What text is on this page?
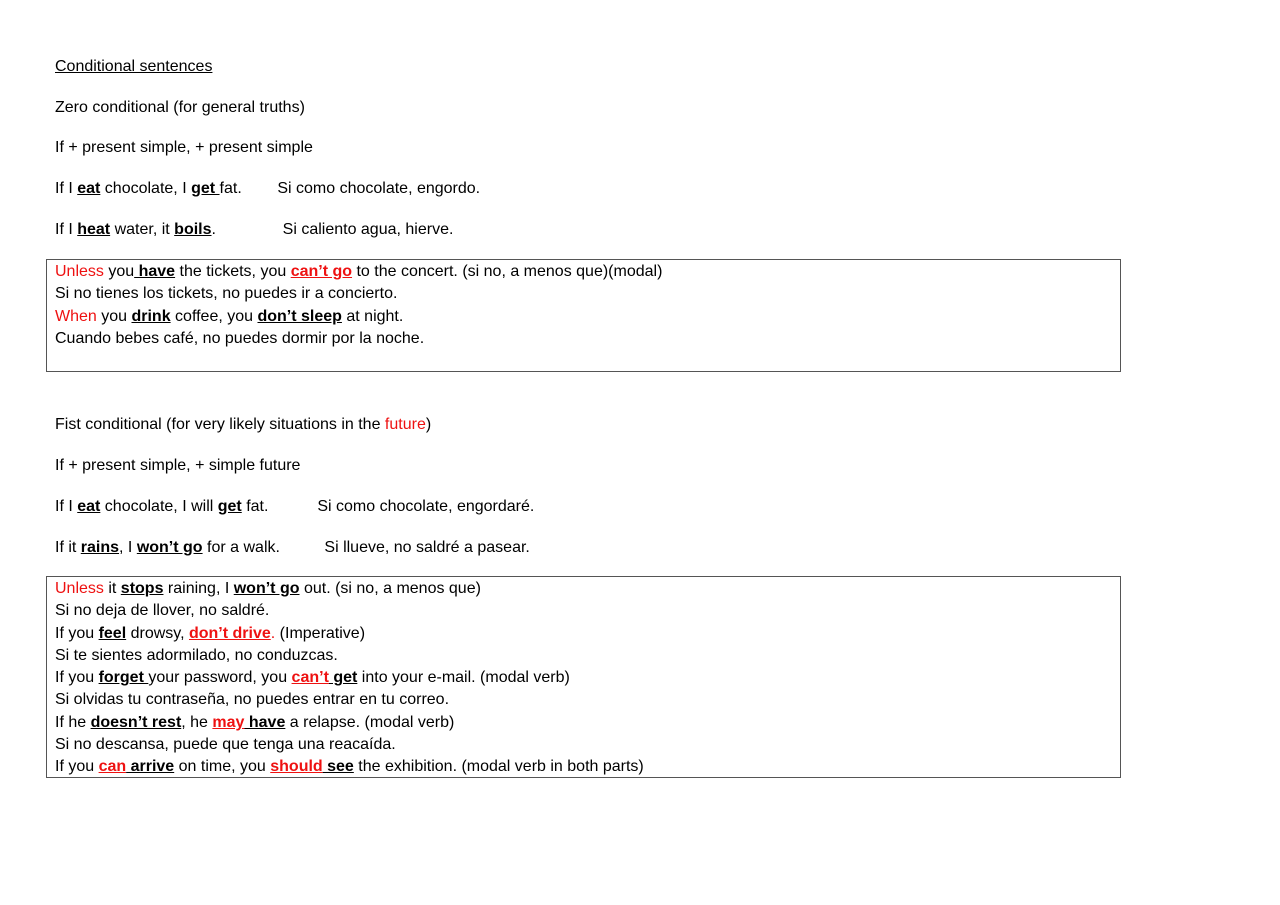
Conditional sentences
Zero conditional (for general truths)
If + present simple, + present simple
If I eat chocolate, I get fat.        Si como chocolate, engordo.
If I heat water, it boils.               Si caliento agua, hierve.
Unless you have the tickets, you can’t go to the concert. (si no, a menos que)(modal)
Si no tienes los tickets, no puedes ir a concierto.
When you drink coffee, you don’t sleep at night.
Cuando bebes café, no puedes dormir por la noche.
Fist conditional (for very likely situations in the future)
If + present simple, + simple future
If I eat chocolate, I will get fat.           Si como chocolate, engordaré.
If it rains, I won’t go for a walk.          Si llueve, no saldré a pasear.
Unless it stops raining, I won’t go out. (si no, a menos que)
Si no deja de llover, no saldré.
If you feel drowsy, don’t drive. (Imperative)
Si te sientes adormilado, no conduzcas.
If you forget your password, you can’t get into your e-mail. (modal verb)
Si olvidas tu contraseña, no puedes entrar en tu correo.
If he doesn’t rest, he may have a relapse. (modal verb)
Si no descansa, puede que tenga una reacaída.
If you can arrive on time, you should see the exhibition. (modal verb in both parts)
